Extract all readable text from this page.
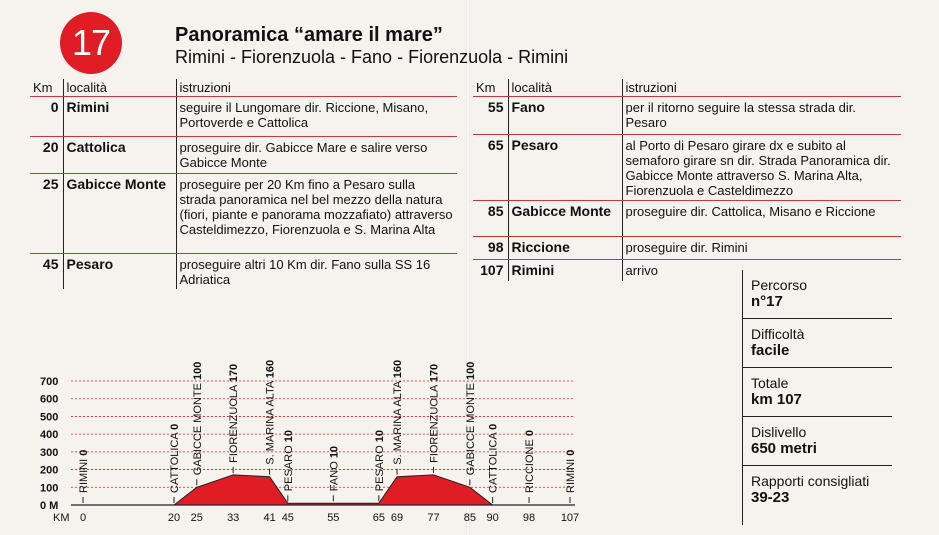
17	Panoramica “amare il mare”
Rimini - Fiorenzuola - Fano - Fiorenzuola - Rimini
Km	località	istruzioni
0	Rimini	seguire il Lungomare dir. Riccione, Misano, Portoverde e Cattolica
20	Cattolica	proseguire dir. Gabicce Mare e salire verso Gabicce Monte
25	Gabicce Monte	proseguire per 20 Km fino a Pesaro sulla strada panoramica nel bel mezzo della natura (fiori, piante e panorama mozzafiato) attraverso Casteldimezzo, Fiorenzuola e S. Marina Alta
45	Pesaro	proseguire altri 10 Km dir. Fano sulla SS 16 Adriatica
Km	località	istruzioni
55	Fano	per il ritorno seguire la stessa strada dir. Pesaro
65	Pesaro	al Porto di Pesaro girare dx e subito al semaforo girare sn dir. Strada Panoramica dir. Gabicce Monte attraverso S. Marina Alta, Fiorenzuola e Casteldimezzo
85	Gabicce Monte	proseguire dir. Cattolica, Misano e Riccione
98	Riccione	proseguire dir. Rimini
107	Rimini	arrivo
Percorso
n°17
Difficoltà
facile
Totale
km 107
Dislivello
650 metri
Rapporti consigliati
39-23
700
600
500
400
300
200
100
0 M
KM 0
RIMINI 0
20
CATTOLICA 0
25
GABICCE MONTE 100
33
FIORENZUOLA 170
41
S. MARINA ALTA 160
45
PESARO 10
55
FANO 10
65
PESARO 10
69
S. MARINA ALTA 160
77
FIORENZUOLA 170
85
GABICCE MONTE 100
90
CATTOLICA 0
98
RICCIONE 0
107
RIMINI 0
